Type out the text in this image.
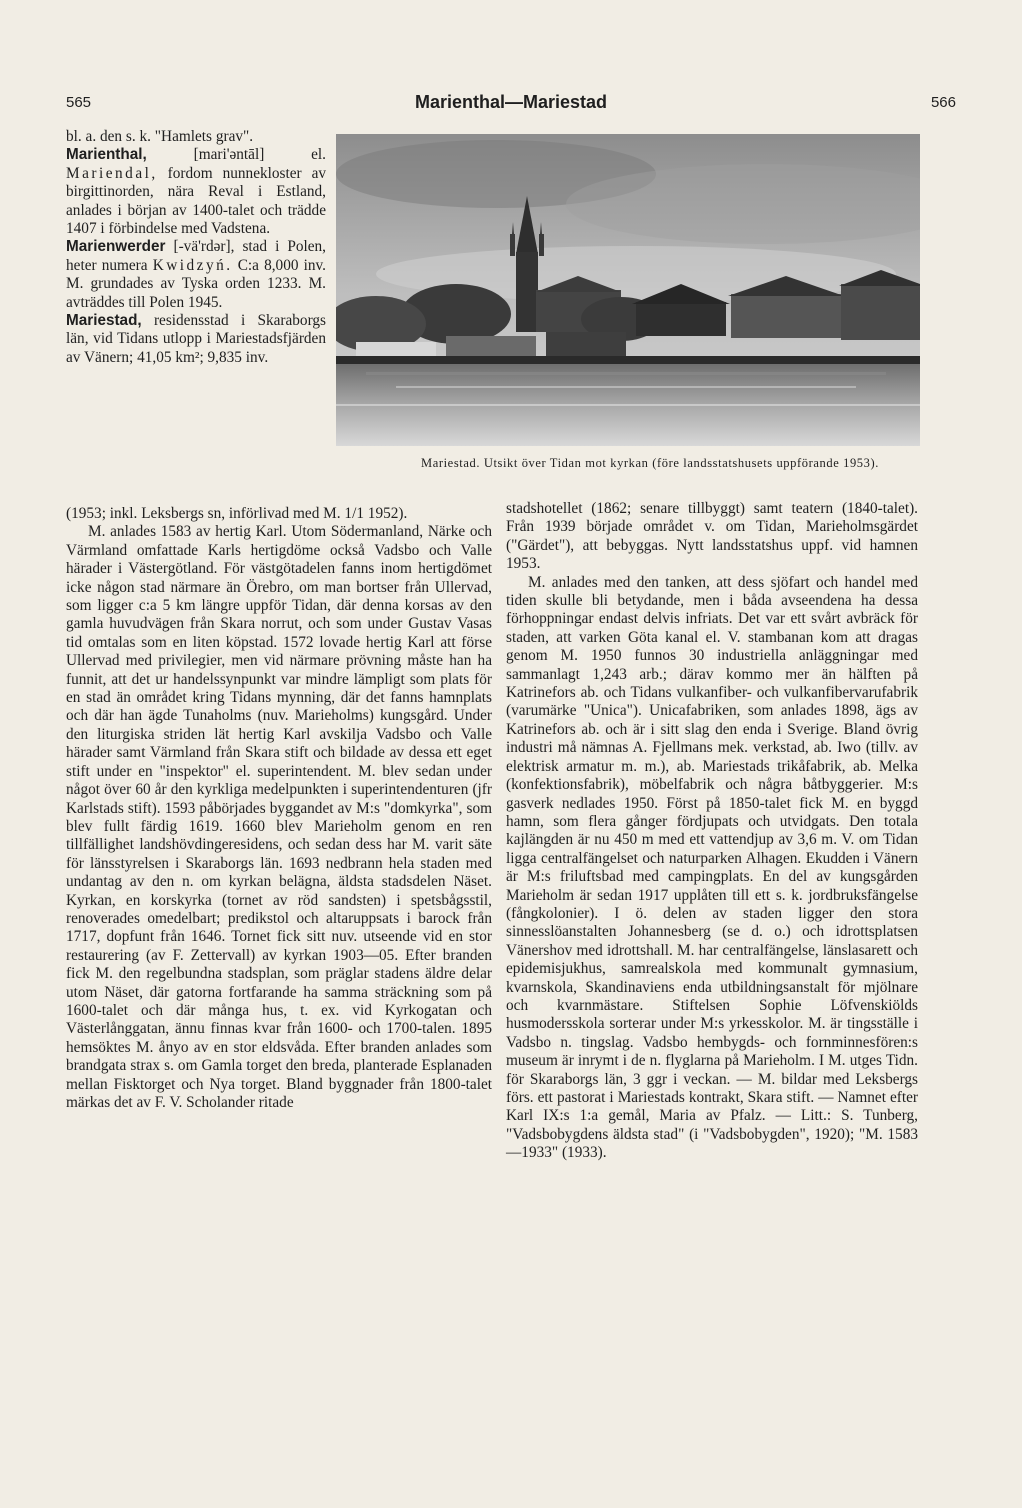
565	Marienthal—Mariestad	566

bl. a. den s. k. "Hamlets grav".

Marienthal,	[mari'əntāl] el. Mariendal, fordom nunnekloster av birgittinorden, nära Reval i Estland, anlades i början av 1400-talet och trädde 1407 i förbindelse med Vadstena.

Marienwerder [-vä'rdər], stad i Polen, heter numera Kwidzyń. C:a 8,000 inv. M. grundades av Tyska orden 1233. M. avträddes till Polen 1945.

Mariestad, residensstad i Skaraborgs län, vid Tidans utlopp i Mariestadsfjärden av Vänern; 41,05 km²; 9,835 inv.

Mariestad. Utsikt över Tidan mot kyrkan (före landsstatshusets uppförande 1953).

(1953; inkl. Leksbergs sn, införlivad med M. 1/1 1952).

M. anlades 1583 av hertig Karl. Utom Södermanland, Närke och Värmland omfattade Karls hertigdöme också Vadsbo och Valle härader i Västergötland. För västgötadelen fanns inom hertigdömet icke någon stad närmare än Örebro, om man bortser från Ullervad, som ligger c:a 5 km längre uppför Tidan, där denna korsas av den gamla huvudvägen från Skara norrut, och som under Gustav Vasas tid omtalas som en liten köpstad. 1572 lovade hertig Karl att förse Ullervad med privilegier, men vid närmare prövning måste han ha funnit, att det ur handelssynpunkt var mindre lämpligt som plats för en stad än området kring Tidans mynning, där det fanns hamnplats och där han ägde Tunaholms (nuv. Marieholms) kungsgård. Under den liturgiska striden lät hertig Karl avskilja Vadsbo och Valle härader samt Värmland från Skara stift och bildade av dessa ett eget stift under en "inspektor" el. superintendent. M. blev sedan under något över 60 år den kyrkliga medelpunkten i superintendenturen (jfr Karlstads stift). 1593 påbörjades byggandet av M:s "domkyrka", som blev fullt färdig 1619. 1660 blev Marieholm genom en ren tillfällighet landshövdingeresidens, och sedan dess har M. varit säte för länsstyrelsen i Skaraborgs län. 1693 nedbrann hela staden med undantag av den n. om kyrkan belägna, äldsta stadsdelen Näset. Kyrkan, en korskyrka (tornet av röd sandsten) i spetsbågsstil, renoverades omedelbart; predikstol och altaruppsats i barock från 1717, dopfunt från 1646. Tornet fick sitt nuv. utseende vid en stor restaurering (av F. Zettervall) av kyrkan 1903—05. Efter branden fick M. den regelbundna stadsplan, som präglar stadens äldre delar utom Näset, där gatorna fortfarande ha samma sträckning som på 1600-talet och där många hus, t. ex. vid Kyrkogatan och Västerlånggatan, ännu finnas kvar från 1600- och 1700-talen. 1895 hemsöktes M. ånyo av en stor eldsvåda. Efter branden anlades som brandgata strax s. om Gamla torget den breda, planterade Esplanaden mellan Fisktorget och Nya torget. Bland byggnader från 1800-talet märkas det av F. V. Scholander ritade

stadshotellet (1862; senare tillbyggt) samt teatern (1840-talet). Från 1939 började området v. om Tidan, Marieholmsgärdet ("Gärdet"), att bebyggas. Nytt landsstatshus uppf. vid hamnen 1953.

M. anlades med den tanken, att dess sjöfart och handel med tiden skulle bli betydande, men i båda avseendena ha dessa förhoppningar endast delvis infriats. Det var ett svårt avbräck för staden, att varken Göta kanal el. V. stambanan kom att dragas genom M. 1950 funnos 30 industriella anläggningar med sammanlagt 1,243 arb.; därav kommo mer än hälften på Katrinefors ab. och Tidans vulkanfiber- och vulkanfibervarufabrik (varumärke "Unica"). Unicafabriken, som anlades 1898, ägs av Katrinefors ab. och är i sitt slag den enda i Sverige. Bland övrig industri må nämnas A. Fjellmans mek. verkstad, ab. Iwo (tillv. av elektrisk armatur m. m.), ab. Mariestads trikåfabrik, ab. Melka (konfektionsfabrik), möbelfabrik och några båtbyggerier. M:s gasverk nedlades 1950. Först på 1850-talet fick M. en byggd hamn, som flera gånger fördjupats och utvidgats. Den totala kajlängden är nu 450 m med ett vattendjup av 3,6 m. V. om Tidan ligga centralfängelset och naturparken Alhagen. Ekudden i Vänern är M:s friluftsbad med campingplats. En del av kungsgården Marieholm är sedan 1917 upplåten till ett s. k. jordbruksfängelse (fångkolonier). I ö. delen av staden ligger den stora sinnesslöanstalten Johannesberg (se d. o.) och idrottsplatsen Vänershov med idrottshall. M. har centralfängelse, länslasarett och epidemisjukhus, samrealskola med kommunalt gymnasium, kvarnskola, Skandinaviens enda utbildningsanstalt för mjölnare och kvarnmästare. Stiftelsen Sophie Löfvenskiölds husmodersskola sorterar under M:s yrkesskolor. M. är tingsställe i Vadsbo n. tingslag. Vadsbo hembygds- och fornminnesfören:s museum är inrymt i de n. flyglarna på Marieholm. I M. utges Tidn. för Skaraborgs län, 3 ggr i veckan. — M. bildar med Leksbergs förs. ett pastorat i Mariestads kontrakt, Skara stift. — Namnet efter Karl IX:s 1:a gemål, Maria av Pfalz. — Litt.: S. Tunberg, "Vadsbobygdens äldsta stad" (i "Vadsbobygden", 1920); "M. 1583—1933" (1933).
